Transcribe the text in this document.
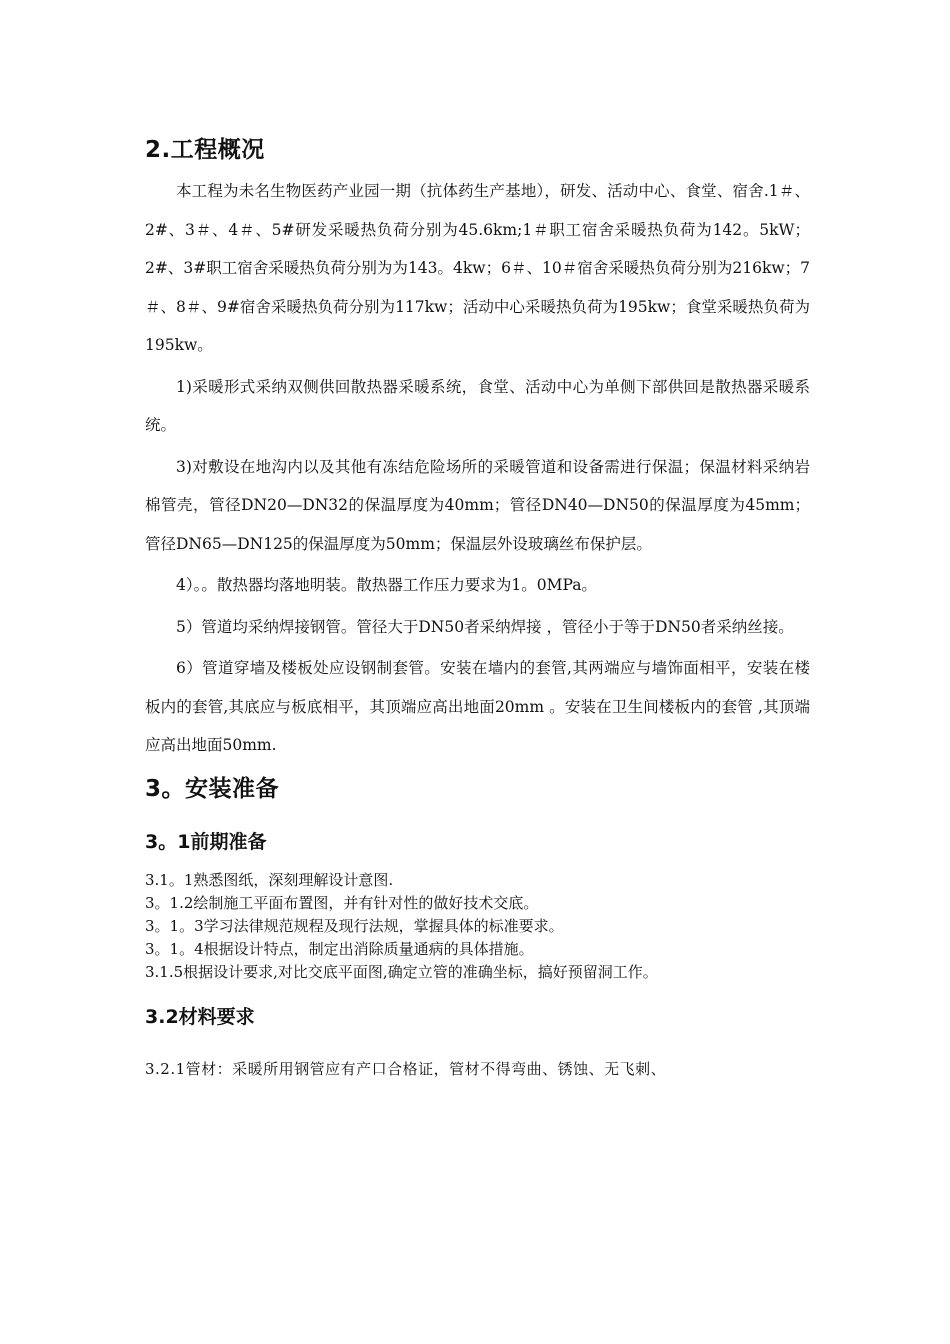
2.工程概况

本工程为未名生物医药产业园一期（抗体药生产基地），研发、活动中心、食堂、宿舍.1＃、2#、3＃、4＃、5#研发采暖热负荷分别为45.6km;1＃职工宿舍采暖热负荷为142。5kW；2#、3#职工宿舍采暖热负荷分别为为143。4kw；6＃、10＃宿舍采暖热负荷分别为216kw；7＃、8＃、9#宿舍采暖热负荷分别为117kw；活动中心采暖热负荷为195kw；食堂采暖热负荷为195kw。

1)采暖形式采纳双侧供回散热器采暖系统，食堂、活动中心为单侧下部供回是散热器采暖系统。

3)对敷设在地沟内以及其他有冻结危险场所的采暖管道和设备需进行保温；保温材料采纳岩棉管壳，管径DN20—DN32的保温厚度为40mm；管径DN40—DN50的保温厚度为45mm；管径DN65—DN125的保温厚度为50mm；保温层外设玻璃丝布保护层。

4）。。散热器均落地明装。散热器工作压力要求为1。0MPa。

5）管道均采纳焊接钢管。管径大于DN50者采纳焊接 ，管径小于等于DN50者采纳丝接。

6）管道穿墙及楼板处应设钢制套管。安装在墙内的套管,其两端应与墙饰面相平，安装在楼板内的套管,其底应与板底相平，其顶端应高出地面20mm 。安装在卫生间楼板内的套管 ,其顶端应高出地面50mm.

3。安装准备
3。1前期准备
3.1。1熟悉图纸，深刻理解设计意图.
3。1.2绘制施工平面布置图，并有针对性的做好技术交底。
3。1。3学习法律规范规程及现行法规，掌握具体的标准要求。
3。1。4根据设计特点，制定出消除质量通病的具体措施。
3.1.5根据设计要求,对比交底平面图,确定立管的准确坐标，搞好预留洞工作。
3.2材料要求
3.2.1管材：采暖所用钢管应有产口合格证，管材不得弯曲、锈蚀、无飞刺、
